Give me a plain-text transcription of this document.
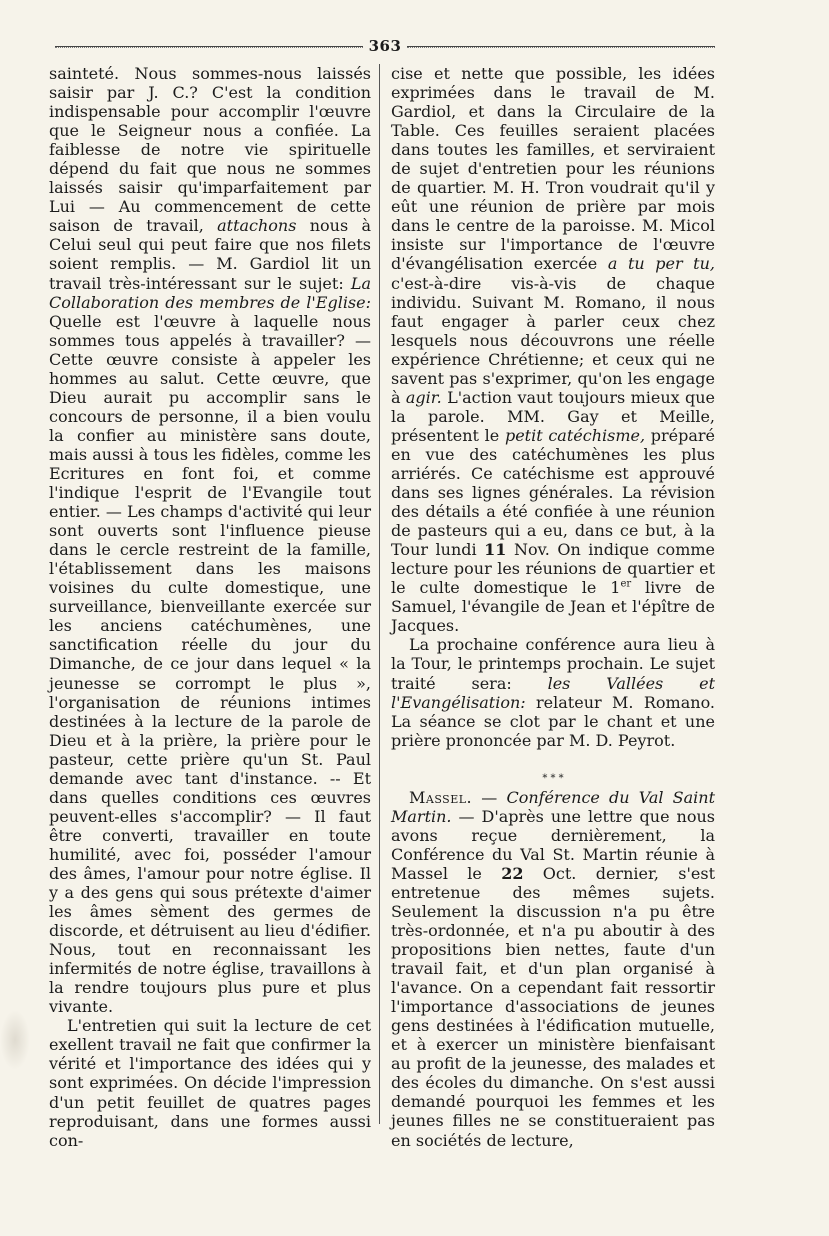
363

sainteté. Nous sommes-nous laissés saisir par J. C.? C'est la condition indispensable pour accomplir l'œuvre que le Seigneur nous a confiée. La faiblesse de notre vie spirituelle dépend du fait que nous ne sommes laissés saisir qu'imparfaitement par Lui — Au commencement de cette saison de travail, attachons nous à Celui seul qui peut faire que nos filets soient remplis. — M. Gardiol lit un travail très-intéressant sur le sujet: La Collaboration des membres de l'Eglise: Quelle est l'œuvre à laquelle nous sommes tous appelés à travailler? — Cette œuvre consiste à appeler les hommes au salut. Cette œuvre, que Dieu aurait pu accomplir sans le concours de personne, il a bien voulu la confier au ministère sans doute, mais aussi à tous les fidèles, comme les Ecritures en font foi, et comme l'indique l'esprit de l'Evangile tout entier. — Les champs d'activité qui leur sont ouverts sont l'influence pieuse dans le cercle restreint de la famille, l'établissement dans les maisons voisines du culte domestique, une surveillance, bienveillante exercée sur les anciens catéchumènes, une sanctification réelle du jour du Dimanche, de ce jour dans lequel « la jeunesse se corrompt le plus », l'organisation de réunions intimes destinées à la lecture de la parole de Dieu et à la prière, la prière pour le pasteur, cette prière qu'un St. Paul demande avec tant d'instance. -- Et dans quelles conditions ces œuvres peuvent-elles s'accomplir? — Il faut être converti, travailler en toute humilité, avec foi, posséder l'amour des âmes, l'amour pour notre église. Il y a des gens qui sous prétexte d'aimer les âmes sèment des germes de discorde, et détruisent au lieu d'édifier. Nous, tout en reconnaissant les infermités de notre église, travaillons à la rendre toujours plus pure et plus vivante.

L'entretien qui suit la lecture de cet exellent travail ne fait que confirmer la vérité et l'importance des idées qui y sont exprimées. On décide l'impression d'un petit feuillet de quatres pages reproduisant, dans une formes aussi con-

cise et nette que possible, les idées exprimées dans le travail de M. Gardiol, et dans la Circulaire de la Table. Ces feuilles seraient placées dans toutes les familles, et serviraient de sujet d'entretien pour les réunions de quartier. M. H. Tron voudrait qu'il y eût une réunion de prière par mois dans le centre de la paroisse. M. Micol insiste sur l'importance de l'œuvre d'évangélisation exercée a tu per tu, c'est-à-dire vis-à-vis de chaque individu. Suivant M. Romano, il nous faut engager à parler ceux chez lesquels nous découvrons une réelle expérience Chrétienne; et ceux qui ne savent pas s'exprimer, qu'on les engage à agir. L'action vaut toujours mieux que la parole. MM. Gay et Meille, présentent le petit catéchisme, préparé en vue des catéchumènes les plus arriérés. Ce catéchisme est approuvé dans ses lignes générales. La révision des détails a été confiée à une réunion de pasteurs qui a eu, dans ce but, à la Tour lundi 11 Nov. On indique comme lecture pour les réunions de quartier et le culte domestique le 1er livre de Samuel, l'évangile de Jean et l'épître de Jacques.

La prochaine conférence aura lieu à la Tour, le printemps prochain. Le sujet traité sera: les Vallées et l'Evangélisation: relateur M. Romano. La séance se clot par le chant et une prière prononcée par M. D. Peyrot.

* * *

Massel. — Conférence du Val Saint Martin. — D'après une lettre que nous avons reçue dernièrement, la Conférence du Val St. Martin réunie à Massel le 22 Oct. dernier, s'est entretenue des mêmes sujets. Seulement la discussion n'a pu être très-ordonnée, et n'a pu aboutir à des propositions bien nettes, faute d'un travail fait, et d'un plan organisé à l'avance. On a cependant fait ressortir l'importance d'associations de jeunes gens destinées à l'édification mutuelle, et à exercer un ministère bienfaisant au profit de la jeunesse, des malades et des écoles du dimanche. On s'est aussi demandé pourquoi les femmes et les jeunes filles ne se constitueraient pas en sociétés de lecture,
